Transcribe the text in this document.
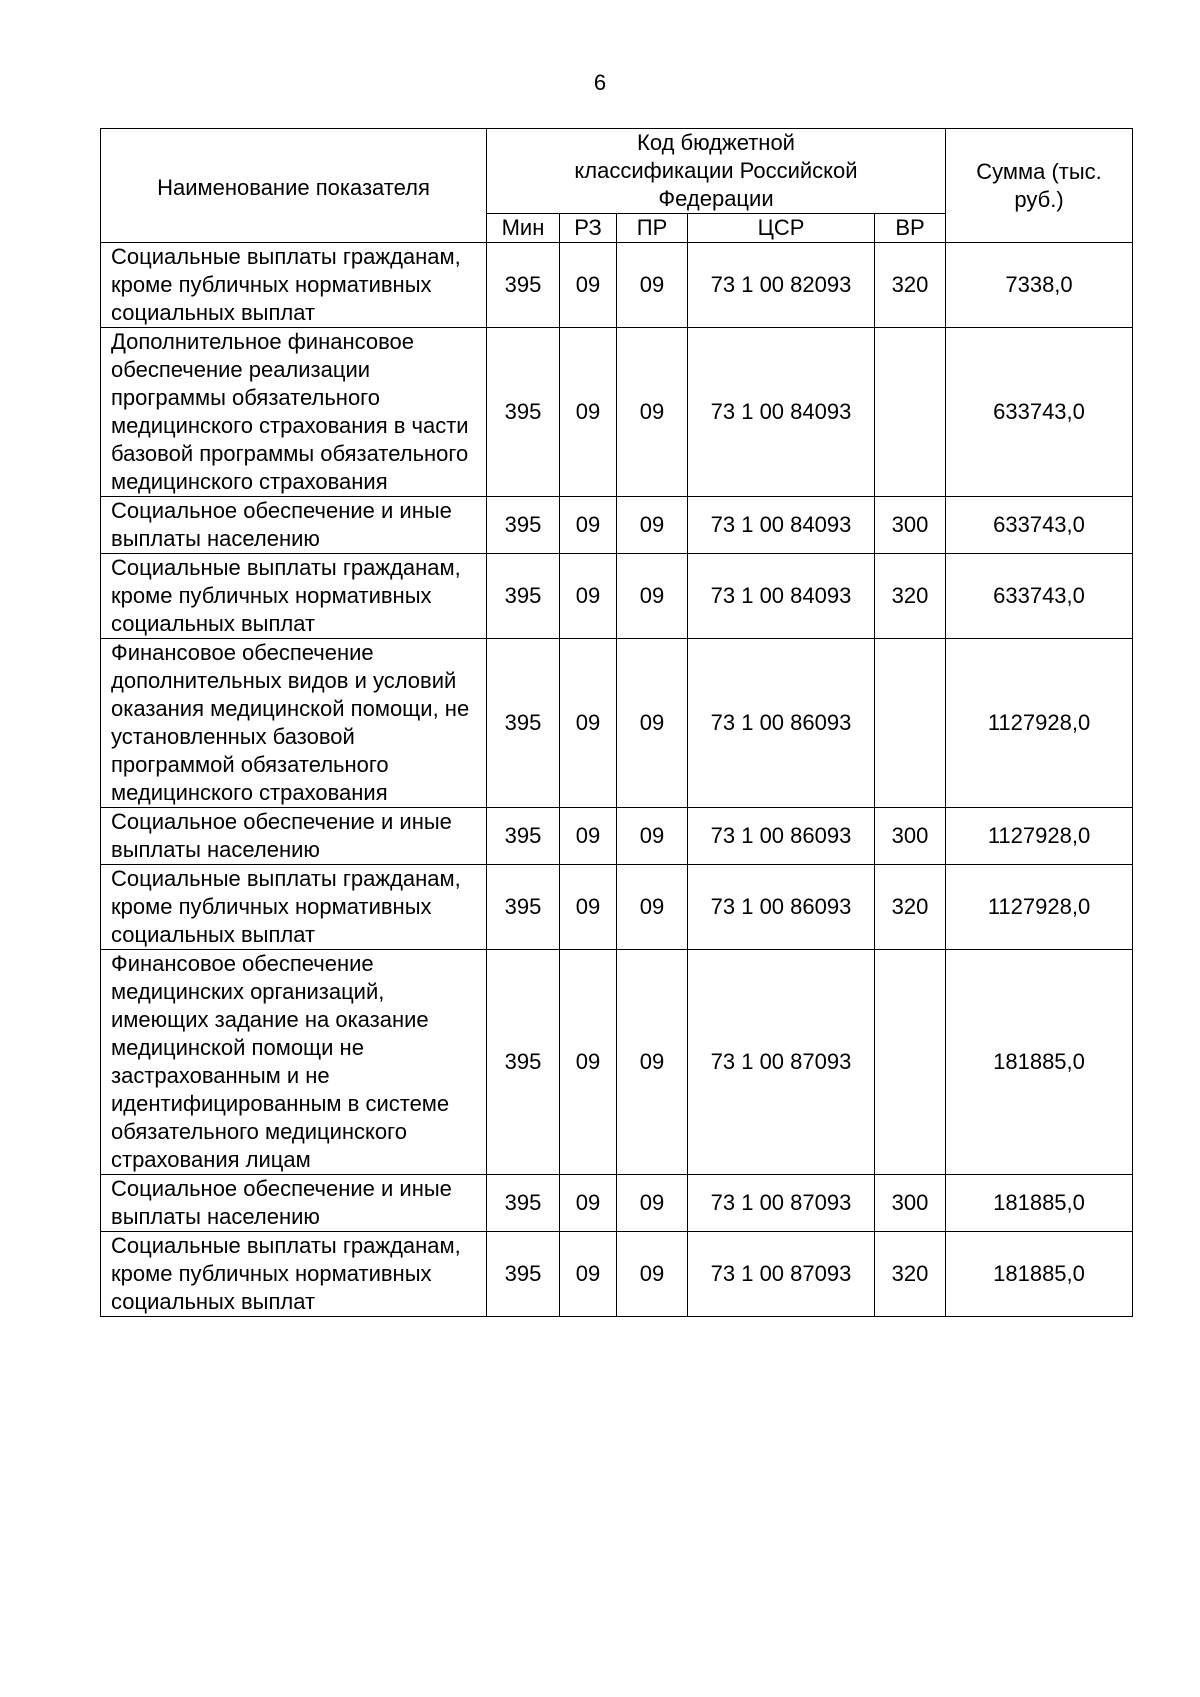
6
Наименование показателя	Код бюджетной классификации Российской Федерации					Сумма (тыс. руб.)
	Мин	РЗ	ПР	ЦСР	ВР	
Социальные выплаты гражданам, кроме публичных нормативных социальных выплат	395	09	09	73 1 00 82093	320	7338,0
Дополнительное финансовое обеспечение реализации программы обязательного медицинского страхования в части базовой программы обязательного медицинского страхования	395	09	09	73 1 00 84093		633743,0
Социальное обеспечение и иные выплаты населению	395	09	09	73 1 00 84093	300	633743,0
Социальные выплаты гражданам, кроме публичных нормативных социальных выплат	395	09	09	73 1 00 84093	320	633743,0
Финансовое обеспечение дополнительных видов и условий оказания медицинской помощи, не установленных базовой программой обязательного медицинского страхования	395	09	09	73 1 00 86093		1127928,0
Социальное обеспечение и иные выплаты населению	395	09	09	73 1 00 86093	300	1127928,0
Социальные выплаты гражданам, кроме публичных нормативных социальных выплат	395	09	09	73 1 00 86093	320	1127928,0
Финансовое обеспечение медицинских организаций, имеющих задание на оказание медицинской помощи не застрахованным и не идентифицированным в системе обязательного медицинского страхования лицам	395	09	09	73 1 00 87093		181885,0
Социальное обеспечение и иные выплаты населению	395	09	09	73 1 00 87093	300	181885,0
Социальные выплаты гражданам, кроме публичных нормативных социальных выплат	395	09	09	73 1 00 87093	320	181885,0
